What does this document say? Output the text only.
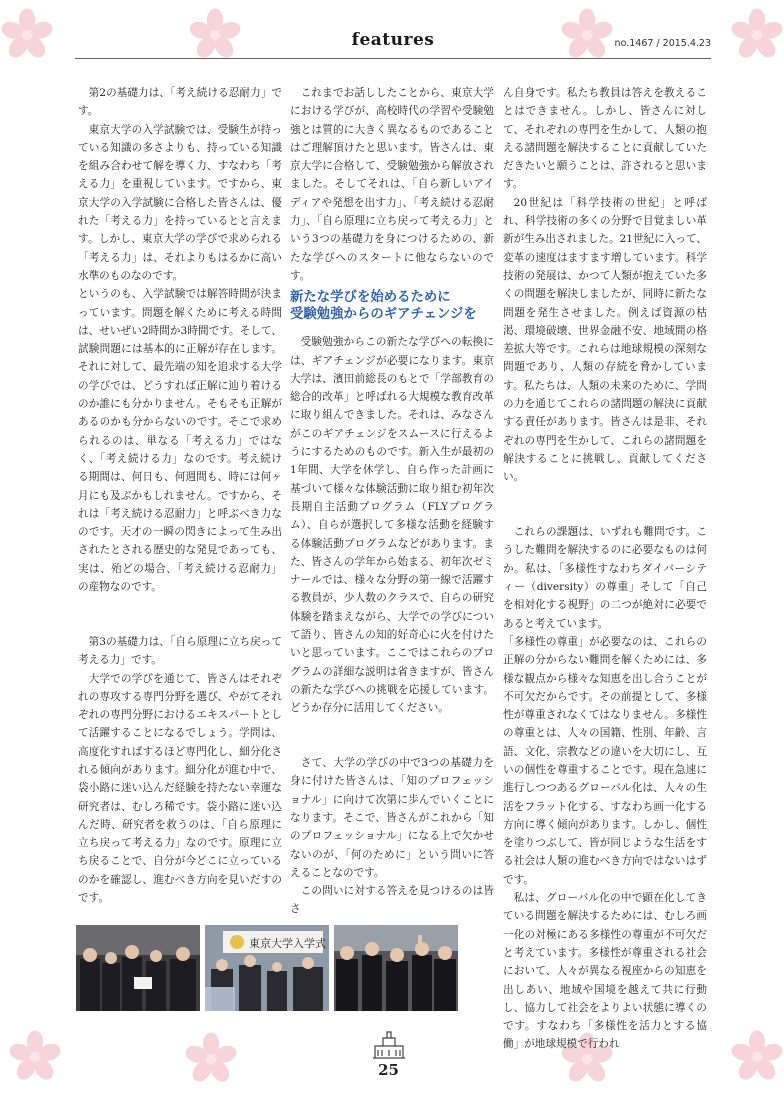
features	no.1467 / 2015.4.23

第2の基礎力は、「考え続ける忍耐力」です。

東京大学の入学試験では、受験生が持っている知識の多さよりも、持っている知識を組み合わせて解を導く力、すなわち「考える力」を重視しています。ですから、東京大学の入学試験に合格した皆さんは、優れた「考える力」を持っているとと言えます。しかし、東京大学の学びで求められる「考える力」は、それよりもはるかに高い水準のものなのです。

というのも、入学試験では解答時間が決まっています。問題を解くために考える時間は、せいぜい2時間か3時間です。そして、試験問題には基本的に正解が存在します。それに対して、最先端の知を追求する大学の学びでは、どうすれば正解に辿り着けるのか誰にも分かりません。そもそも正解があるのかも分からないのです。そこで求められるのは、単なる「考える力」ではなく、「考え続ける力」なのです。考え続ける期間は、何日も、何週間も、時には何ヶ月にも及ぶかもしれません。ですから、それは「考え続ける忍耐力」と呼ぶべき力なのです。天才の一瞬の閃きによって生み出されたとされる歴史的な発見であっても、実は、殆どの場合、「考え続ける忍耐力」の産物なのです。

第3の基礎力は、「自ら原理に立ち戻って考える力」です。

大学での学びを通じて、皆さんはそれぞれの専攻する専門分野を選び、やがてそれぞれの専門分野におけるエキスパートとして活躍することになるでしょう。学問は、高度化すればするほど専門化し、細分化される傾向があります。細分化が進む中で、袋小路に迷い込んだ経験を持たない幸運な研究者は、むしろ稀です。袋小路に迷い込んだ時、研究者を救うのは、「自ら原理に立ち戻って考える力」なのです。原理に立ち戻ることで、自分が今どこに立っているのかを確認し、進むべき方向を見いだすのです。

これまでお話ししたことから、東京大学における学びが、高校時代の学習や受験勉強とは質的に大きく異なるものであることはご理解頂けたと思います。皆さんは、東京大学に合格して、受験勉強から解放されました。そしてそれは、「自ら新しいアイディアや発想を出す力」、「考え続ける忍耐力」、「自ら原理に立ち戻って考える力」という3つの基礎力を身につけるための、新たな学びへのスタートに他ならないのです。

新たな学びを始めるために
受験勉強からのギアチェンジを

受験勉強からこの新たな学びへの転換には、ギアチェンジが必要になります。東京大学は、濱田前総長のもとで「学部教育の総合的改革」と呼ばれる大規模な教育改革に取り組んできました。それは、みなさんがこのギアチェンジをスムースに行えるようにするためのものです。新入生が最初の1年間、大学を休学し、自ら作った計画に基づいて様々な体験活動に取り組む初年次長期自主活動プログラム（FLYプログラム）、自らが選択して多様な活動を経験する体験活動プログラムなどがあります。また、皆さんの学年から始まる、初年次ゼミナールでは、様々な分野の第一線で活躍する教員が、少人数のクラスで、自らの研究体験を踏まえながら、大学での学びについて語り、皆さんの知的好奇心に火を付けたいと思っています。ここではこれらのプログラムの詳細な説明は省きますが、皆さんの新たな学びへの挑戦を応援しています。どうか存分に活用してください。

さて、大学の学びの中で3つの基礎力を身に付けた皆さんは、「知のプロフェッショナル」に向けて次第に歩んでいくことになります。そこで、皆さんがこれから「知のプロフェッショナル」になる上で欠かせないのが、「何のために」という問いに答えることなのです。

この問いに対する答えを見つけるのは皆さ

ん自身です。私たち教員は答えを教えることはできません。しかし、皆さんに対して、それぞれの専門を生かして、人類の抱える諸問題を解決することに貢献していただきたいと願うことは、許されると思います。

20世紀は「科学技術の世紀」と呼ばれ、科学技術の多くの分野で目覚ましい革新が生み出されました。21世紀に入って、変革の速度はますます増しています。科学技術の発展は、かつて人類が抱えていた多くの問題を解決しましたが、同時に新たな問題を発生させました。例えば資源の枯渇、環境破壊、世界金融不安、地域間の格差拡大等です。これらは地球規模の深刻な問題であり、人類の存続を脅かしています。私たちは、人類の未来のために、学問の力を通じてこれらの諸問題の解決に貢献する責任があります。皆さんは是非、それぞれの専門を生かして、これらの諸問題を解決することに挑戦し、貢献してください。

これらの課題は、いずれも難問です。こうした難問を解決するのに必要なものは何か。私は、「多様性すなわちダイバーシティー（diversity）の尊重」そして「自己を相対化する視野」の二つが絶対に必要であると考えています。

「多様性の尊重」が必要なのは、これらの正解の分からない難問を解くためには、多様な観点から様々な知恵を出し合うことが不可欠だからです。その前提として、多様性が尊重されなくてはなりません。多様性の尊重とは、人々の国籍、性別、年齢、言語、文化、宗教などの違いを大切にし、互いの個性を尊重することです。現在急速に進行しつつあるグローバル化は、人々の生活をフラット化する、すなわち画一化する方向に導く傾向があります。しかし、個性を塗りつぶして、皆が同じような生活をする社会は人類の進むべき方向ではないはずです。

私は、グローバル化の中で顕在化してきている問題を解決するためには、むしろ画一化の対極にある多様性の尊重が不可欠だと考えています。多様性が尊重される社会において、人々が異なる視座からの知恵を出しあい、地域や国境を越えて共に行動し、協力して社会をよりよい状態に導くのです。すなわち「多様性を活力とする協働」が地球規模で行われ

東京大学入学式
25
